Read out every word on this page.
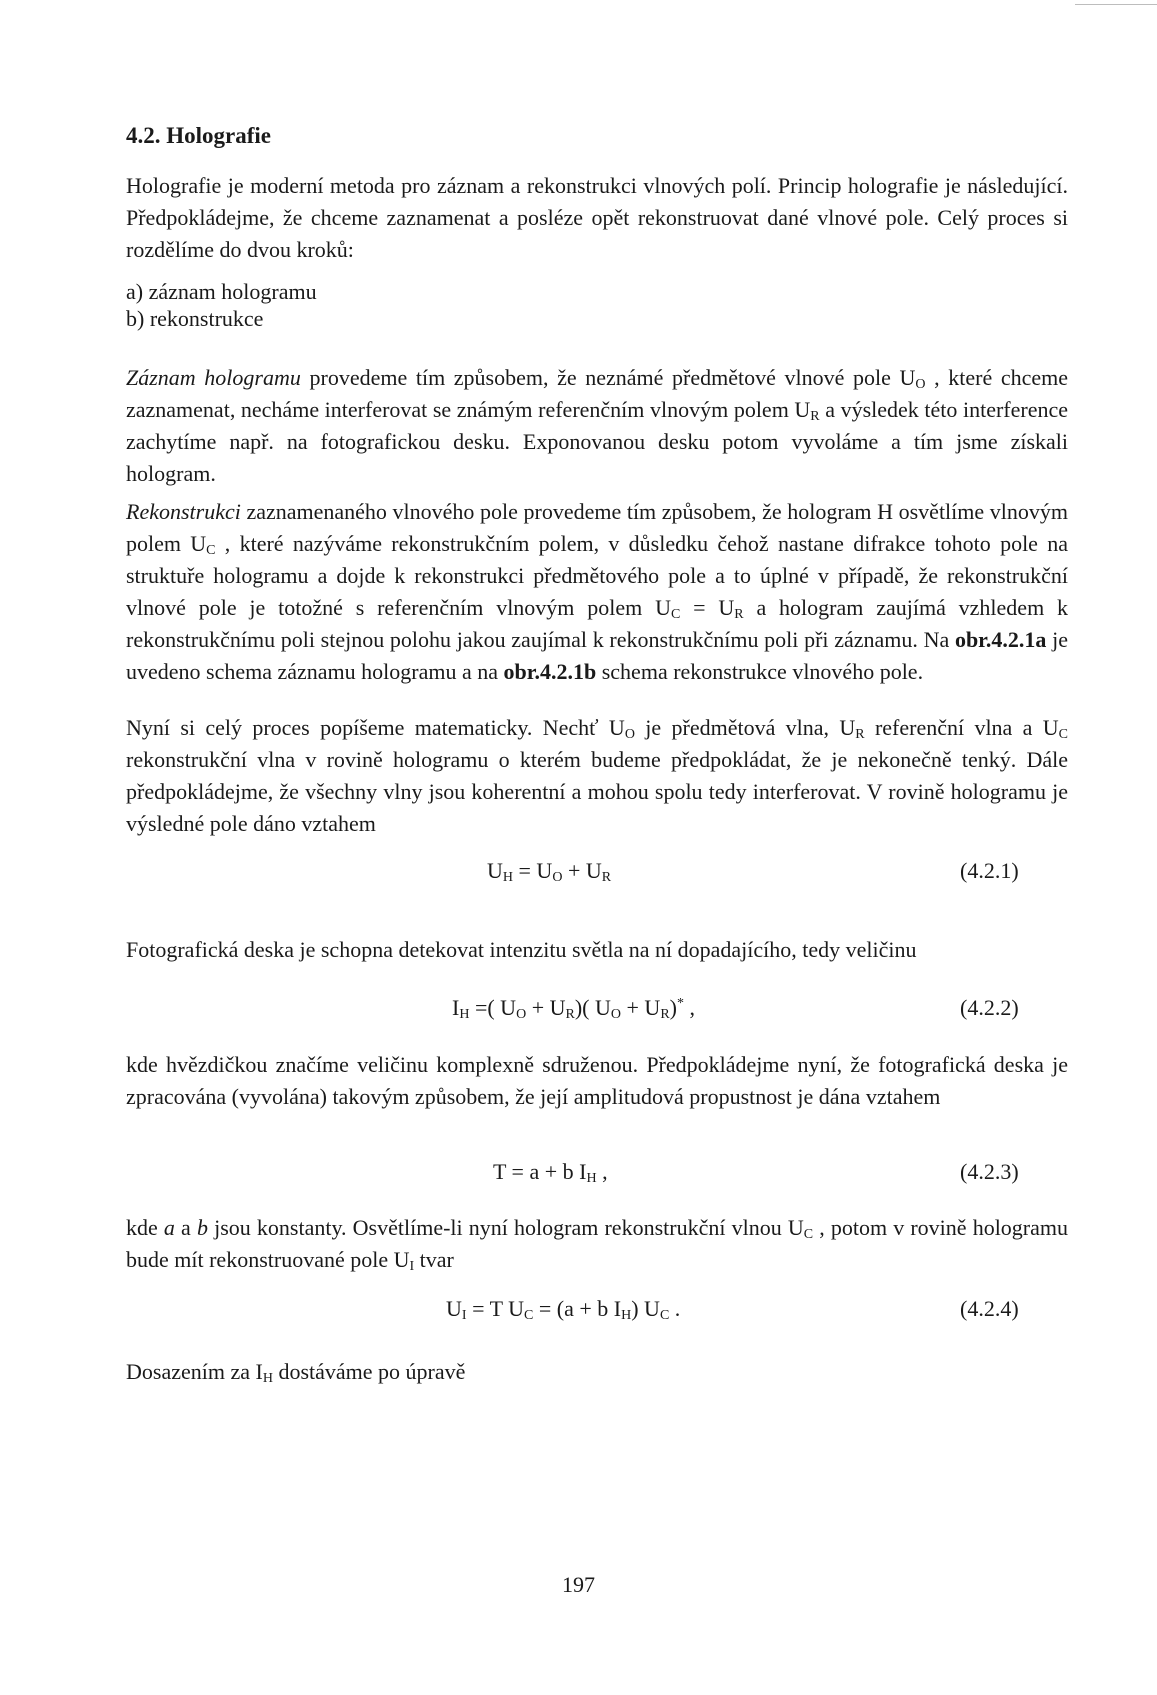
4.2. Holografie

Holografie je moderní metoda pro záznam a rekonstrukci vlnových polí. Princip holografie je následující. Předpokládejme, že chceme zaznamenat a posléze opět rekonstruovat dané vlnové pole. Celý proces si rozdělíme do dvou kroků:

a) záznam hologramu

b) rekonstrukce

Záznam hologramu provedeme tím způsobem, že neznámé předmětové vlnové pole $U_O$ , které chceme zaznamenat, necháme interferovat se známým referenčním vlnovým polem $U_R$ a výsledek této interference zachytíme např. na fotografickou desku. Exponovanou desku potom vyvoláme a tím jsme získali hologram.

Rekonstrukci zaznamenaného vlnového pole provedeme tím způsobem, že hologram H osvětlíme vlnovým polem $U_C$ , které nazýváme rekonstrukčním polem, v důsledku čehož nastane difrakce tohoto pole na struktuře hologramu a dojde k rekonstrukci předmětového pole a to úplné v případě, že rekonstrukční vlnové pole je totožné s referenčním vlnovým polem $U_C = U_R$ a hologram zaujímá vzhledem k rekonstrukčnímu poli stejnou polohu jakou zaujímal k rekonstrukčnímu poli při záznamu. Na obr.4.2.1a je uvedeno schema záznamu hologramu a na obr.4.2.1b schema rekonstrukce vlnového pole.

Nyní si celý proces popíšeme matematicky. Nechť $U_O$ je předmětová vlna, $U_R$ referenční vlna a $U_C$ rekonstrukční vlna v rovině hologramu o kterém budeme předpokládat, že je nekonečně tenký. Dále předpokládejme, že všechny vlny jsou koherentní a mohou spolu tedy interferovat. V rovině hologramu je výsledné pole dáno vztahem

$U_H = U_O + U_R$	(4.2.1)

Fotografická deska je schopna detekovat intenzitu světla na ní dopadajícího, tedy veličinu

$I_H$ =( $U_O + U_R$)( $U_O + U_R)^*$ ,	(4.2.2)

kde hvězdičkou značíme veličinu komplexně sdruženou. Předpokládejme nyní, že fotografická deska je zpracována (vyvolána) takovým způsobem, že její amplitudová propustnost je dána vztahem

T = a + b $I_H$ ,	(4.2.3)

kde a a b jsou konstanty. Osvětlíme-li nyní hologram rekonstrukční vlnou $U_C$ , potom v rovině hologramu bude mít rekonstruované pole $U_I$ tvar

$U_I = T$ $U_C = (a + b$ $I_H$) $U_C$ .	(4.2.4)

Dosazením za $I_H$ dostáváme po úpravě

197
